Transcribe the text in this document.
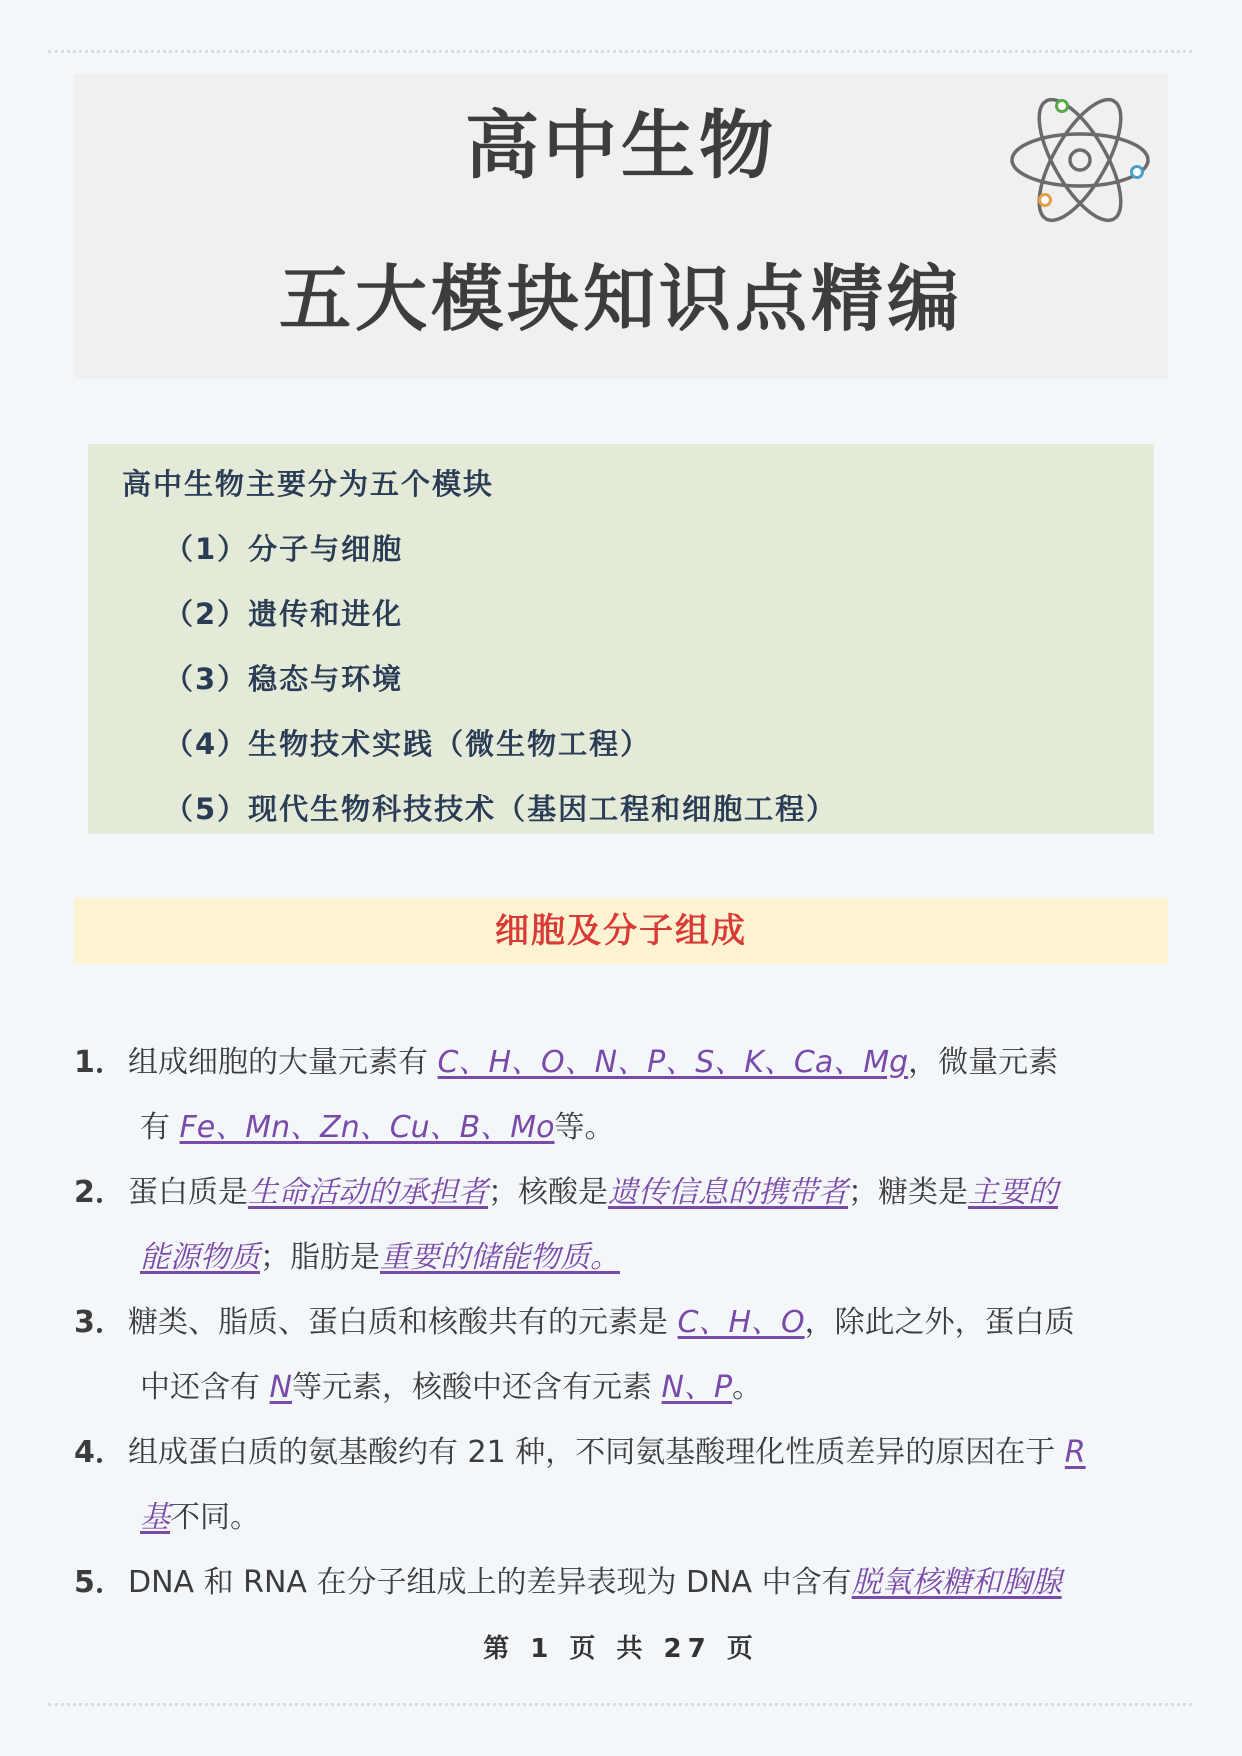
高中生物
五大模块知识点精编
高中生物主要分为五个模块
（1）分子与细胞
（2）遗传和进化
（3）稳态与环境
（4）生物技术实践（微生物工程）
（5）现代生物科技技术（基因工程和细胞工程）
细胞及分子组成
1． 组成细胞的大量元素有 C、H、O、N、P、S、K、Ca、Mg，微量元素
有 Fe、Mn、Zn、Cu、B、Mo等。
2． 蛋白质是生命活动的承担者；核酸是遗传信息的携带者；糖类是主要的
能源物质；脂肪是重要的储能物质。
3． 糖类、脂质、蛋白质和核酸共有的元素是 C、H、O，除此之外，蛋白质
中还含有 N等元素，核酸中还含有元素 N、P。
4． 组成蛋白质的氨基酸约有 21 种，不同氨基酸理化性质差异的原因在于 R
基不同。
5． DNA 和 RNA 在分子组成上的差异表现为 DNA 中含有脱氧核糖和胸腺
第 1 页 共 27 页
